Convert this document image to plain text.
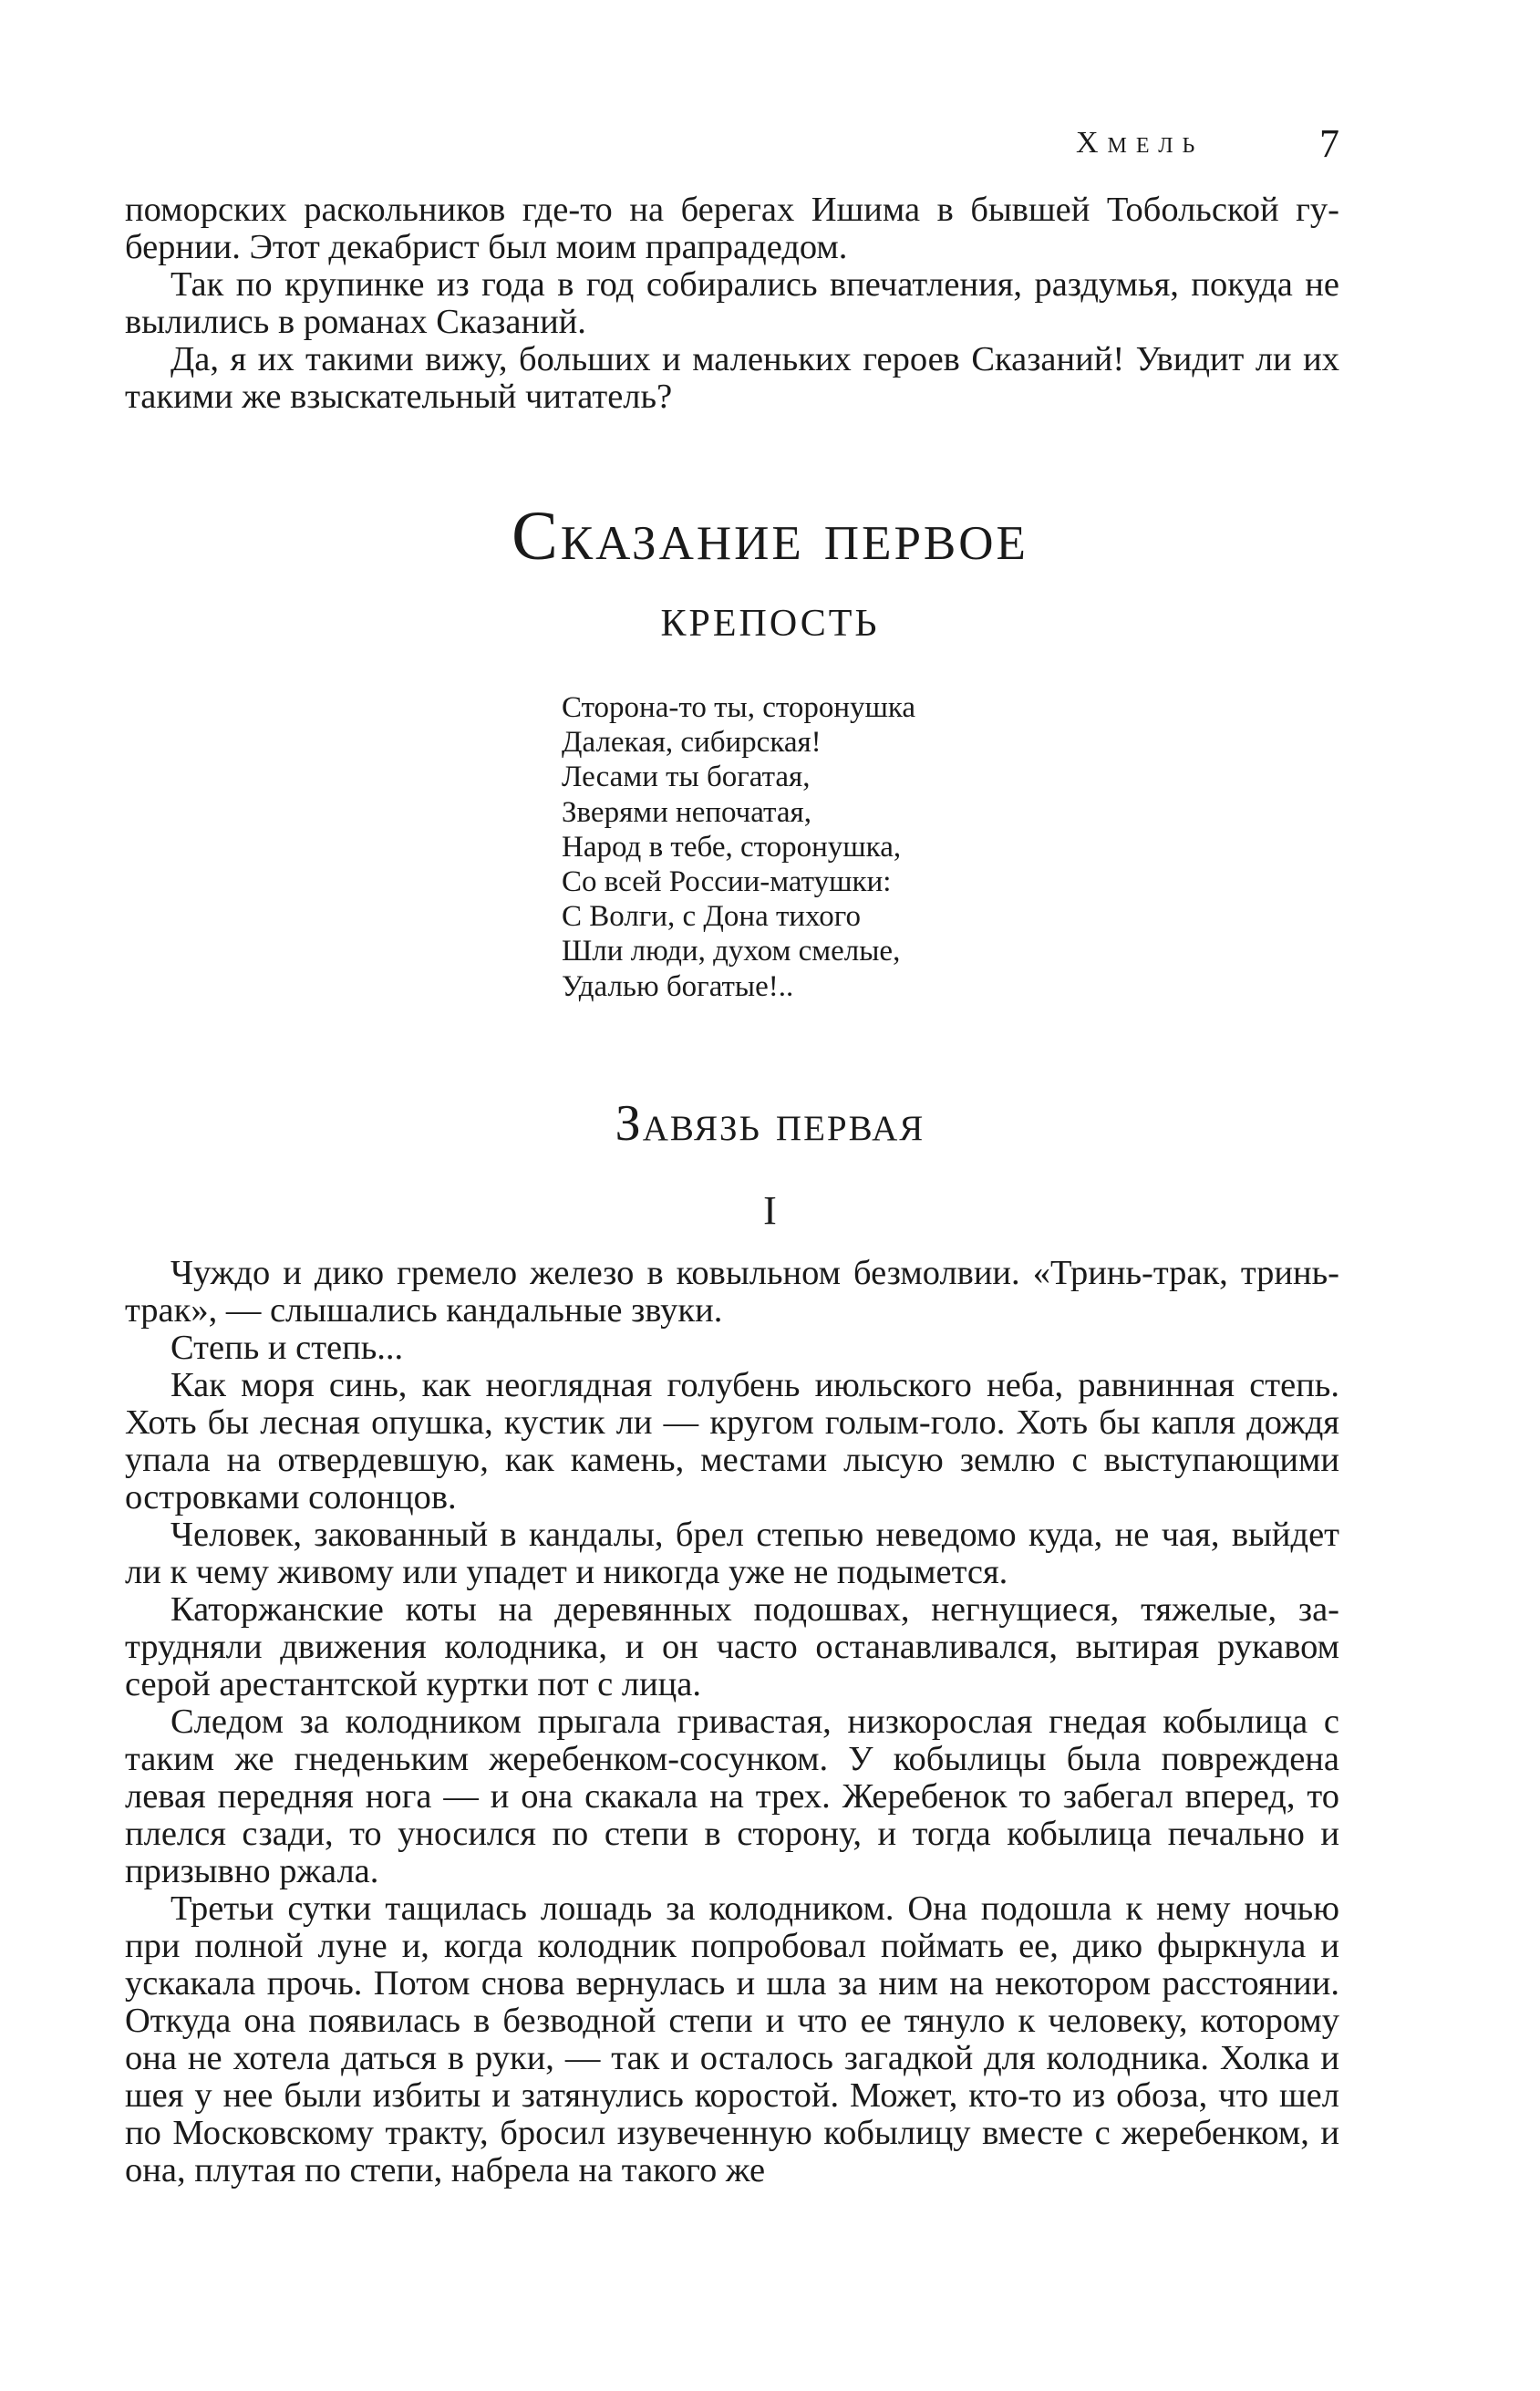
Хмель	7

поморских раскольников где-то на берегах Ишима в бывшей Тобольской губернии. Этот декабрист был моим прапрадедом.

Так по крупинке из года в год собирались впечатления, раздумья, покуда не вылились в романах Сказаний.

Да, я их такими вижу, больших и маленьких героев Сказаний! Увидит ли их такими же взыскательный читатель?

Сказание первое
крепость
Сторона-то ты, сторонушка
Далекая, сибирская!
Лесами ты богатая,
Зверями непочатая,
Народ в тебе, сторонушка,
Со всей России-матушки:
С Волги, с Дона тихого
Шли люди, духом смелые,
Удалью богатые!..
Завязь первая
I

Чуждо и дико гремело железо в ковыльном безмолвии. «Тринь-трак, тринь-трак», — слышались кандальные звуки.

Степь и степь...

Как моря синь, как неоглядная голубень июльского неба, равнинная степь. Хоть бы лесная опушка, кустик ли — кругом голым-голо. Хоть бы капля дождя упала на отвердевшую, как камень, местами лысую землю с выступающими островками солонцов.

Человек, закованный в кандалы, брел степью неведомо куда, не чая, выйдет ли к чему живому или упадет и никогда уже не подымется.

Каторжанские коты на деревянных подошвах, негнущиеся, тяжелые, затрудняли движения колодника, и он часто останавливался, вытирая рукавом серой арестантской куртки пот с лица.

Следом за колодником прыгала гривастая, низкорослая гнедая кобылица с таким же гнеденьким жеребенком-сосунком. У кобылицы была повреждена левая передняя нога — и она скакала на трех. Жеребенок то забегал вперед, то плелся сзади, то уносился по степи в сторону, и тогда кобылица печально и призывно ржала.

Третьи сутки тащилась лошадь за колодником. Она подошла к нему ночью при полной луне и, когда колодник попробовал поймать ее, дико фыркнула и ускакала прочь. Потом снова вернулась и шла за ним на некотором расстоянии. Откуда она появилась в безводной степи и что ее тянуло к человеку, которому она не хотела даться в руки, — так и осталось загадкой для колодника. Холка и шея у нее были избиты и затянулись коростой. Может, кто-то из обоза, что шел по Московскому тракту, бросил изувеченную кобылицу вместе с жеребенком, и она, плутая по степи, набрела на такого же
